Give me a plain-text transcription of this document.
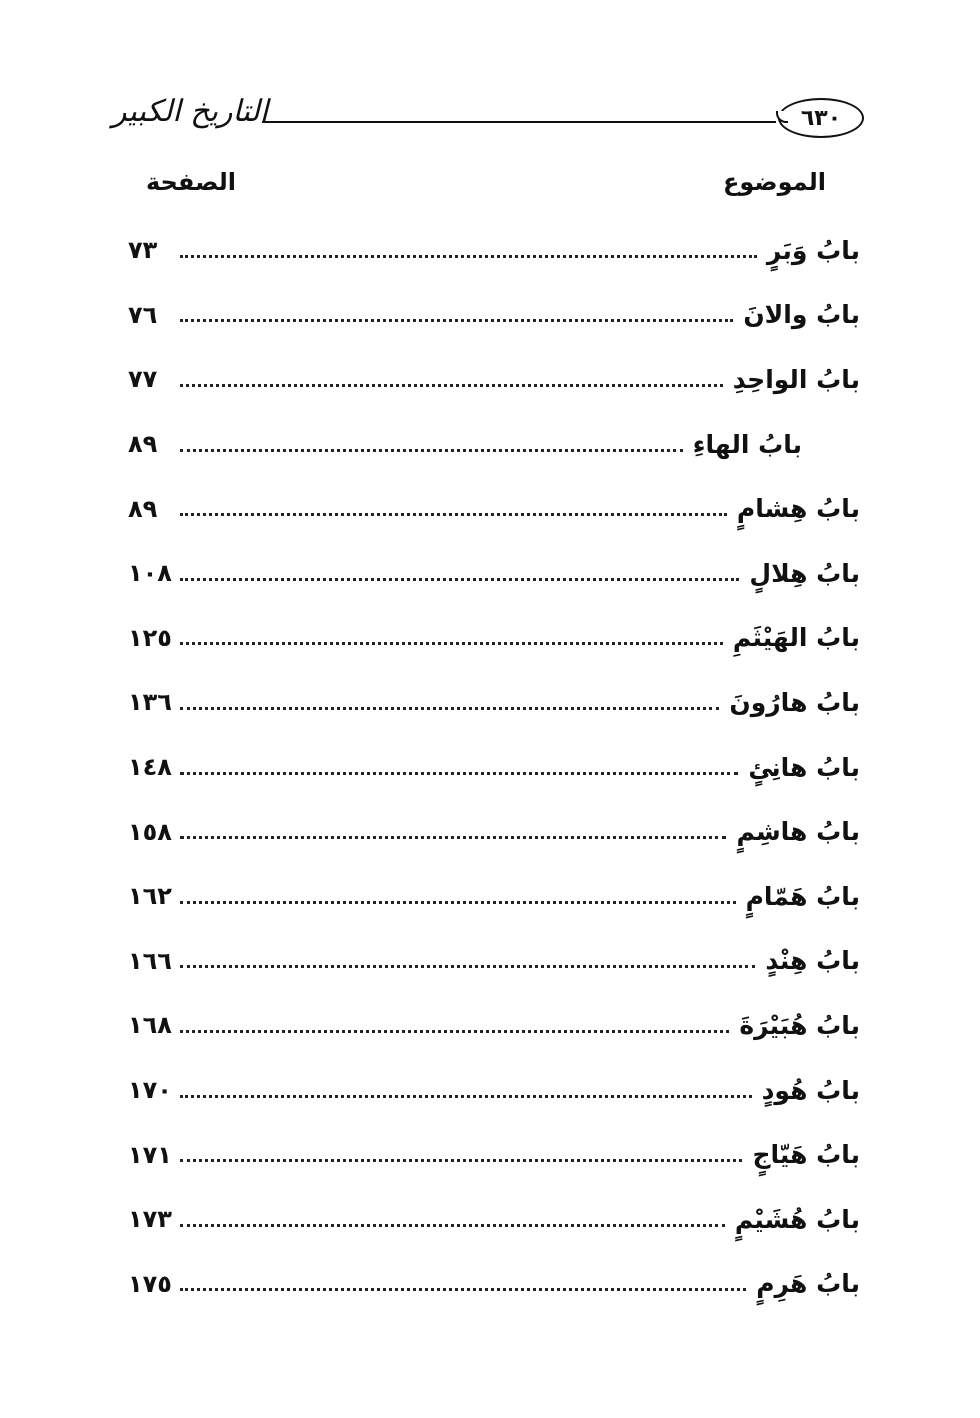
التاريخ الكبير	٦٣٠
الموضوع
الصفحة
بابُ وَبَرٍ
٧٣
بابُ والانَ
٧٦
بابُ الواحِدِ
٧٧
بابُ الهاءِ
٨٩
بابُ هِشامٍ
٨٩
بابُ هِلالٍ
١٠٨
بابُ الهَيْثَمِ
١٢٥
بابُ هارُونَ
١٣٦
بابُ هانِئٍ
١٤٨
بابُ هاشِمٍ
١٥٨
بابُ هَمّامٍ
١٦٢
بابُ هِنْدٍ
١٦٦
بابُ هُبَيْرَةَ
١٦٨
بابُ هُودٍ
١٧٠
بابُ هَيّاجٍ
١٧١
بابُ هُشَيْمٍ
١٧٣
بابُ هَرِمٍ
١٧٥
